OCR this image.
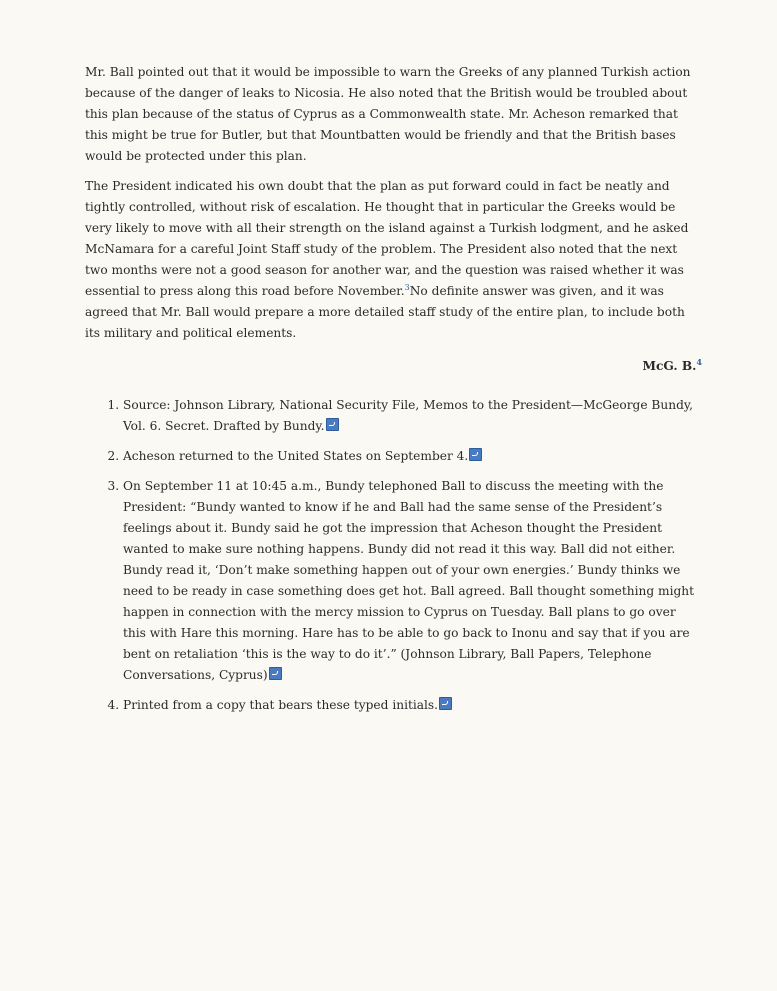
Mr. Ball pointed out that it would be impossible to warn the Greeks of any planned Turkish action because of the danger of leaks to Nicosia. He also noted that the British would be troubled about this plan because of the status of Cyprus as a Commonwealth state. Mr. Acheson remarked that this might be true for Butler, but that Mountbatten would be friendly and that the British bases would be protected under this plan.

The President indicated his own doubt that the plan as put forward could in fact be neatly and tightly controlled, without risk of escalation. He thought that in particular the Greeks would be very likely to move with all their strength on the island against a Turkish lodgment, and he asked McNamara for a careful Joint Staff study of the problem. The President also noted that the next two months were not a good season for another war, and the question was raised whether it was essential to press along this road before November.$^3$No definite answer was given, and it was agreed that Mr. Ball would prepare a more detailed staff study of the entire plan, to include both its military and political elements.

McG. B.$^4$
1. Source: Johnson Library, National Security File, Memos to the President—McGeorge Bundy, Vol. 6. Secret. Drafted by Bundy.
2. Acheson returned to the United States on September 4.
3. On September 11 at 10:45 a.m., Bundy telephoned Ball to discuss the meeting with the President: “Bundy wanted to know if he and Ball had the same sense of the President’s feelings about it. Bundy said he got the impression that Acheson thought the President wanted to make sure nothing happens. Bundy did not read it this way. Ball did not either. Bundy read it, ‘Don’t make something happen out of your own energies.’ Bundy thinks we need to be ready in case something does get hot. Ball agreed. Ball thought something might happen in connection with the mercy mission to Cyprus on Tuesday. Ball plans to go over this with Hare this morning. Hare has to be able to go back to Inonu and say that if you are bent on retaliation ‘this is the way to do it’.” (Johnson Library, Ball Papers, Telephone Conversations, Cyprus)
4. Printed from a copy that bears these typed initials.
